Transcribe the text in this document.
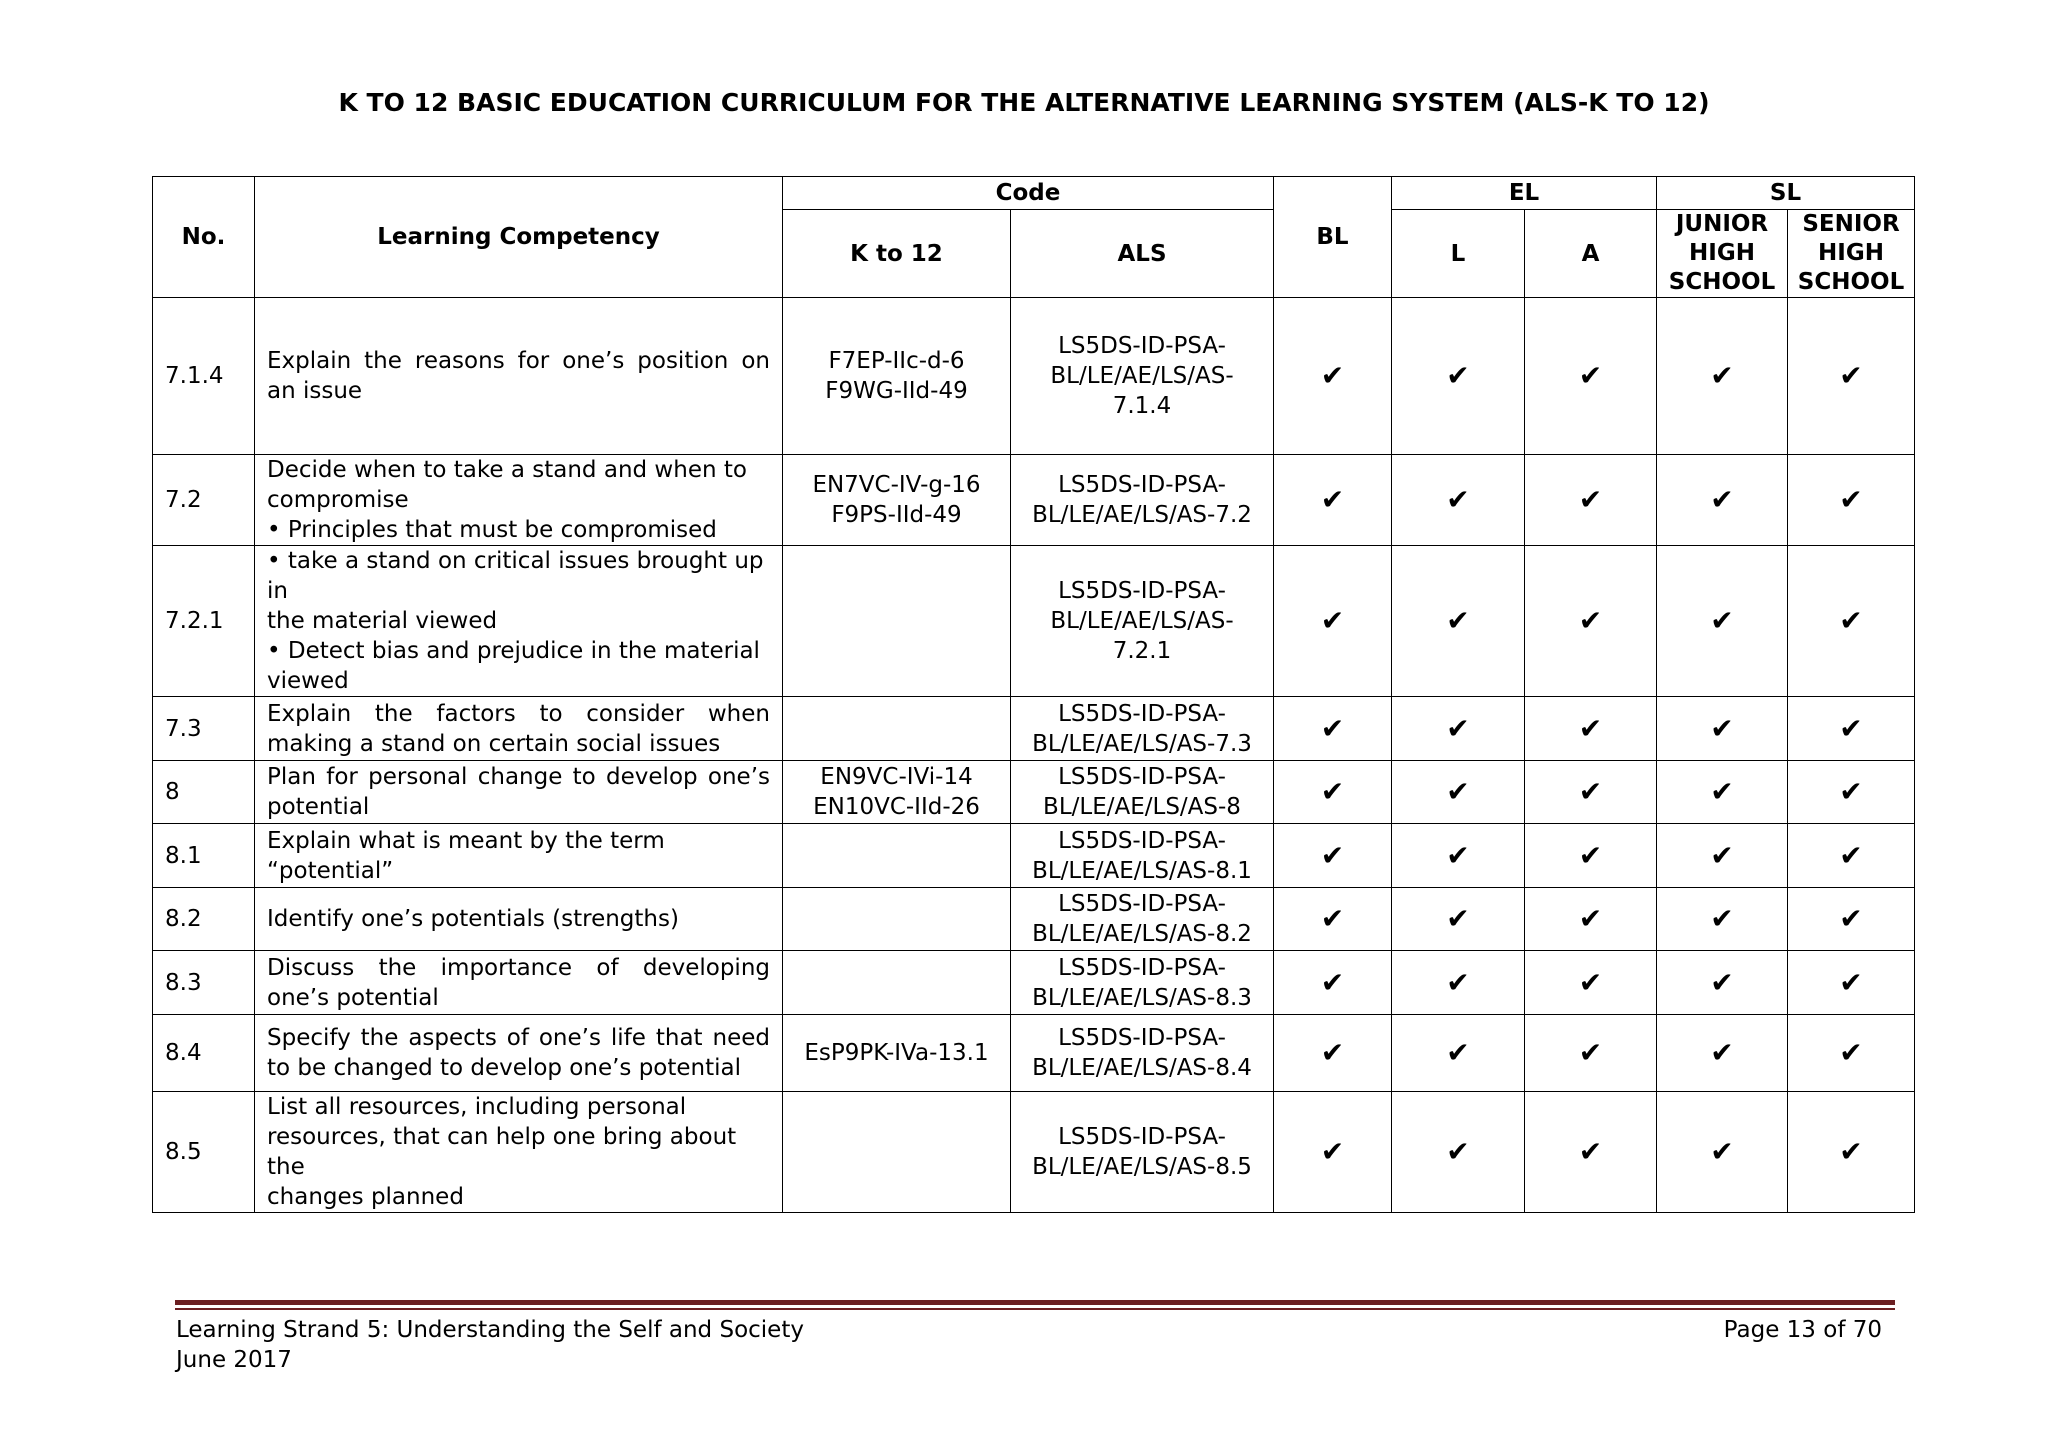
K TO 12 BASIC EDUCATION CURRICULUM FOR THE ALTERNATIVE LEARNING SYSTEM (ALS-K TO 12)
No.	Learning Competency	Code		BL	EL		SL	
		K to 12	ALS		L	A	JUNIOR
HIGH
SCHOOL	SENIOR
HIGH
SCHOOL

7.1.4	Explain the reasons for one’s position on an issue	F7EP-IIc-d-6
F9WG-IId-49	LS5DS-ID-PSA-
BL/LE/AE/LS/AS-
7.1.4	✔	✔	✔	✔	✔
7.2	Decide when to take a stand and when to
compromise
• Principles that must be compromised	EN7VC-IV-g-16
F9PS-IId-49	LS5DS-ID-PSA-
BL/LE/AE/LS/AS-7.2	✔	✔	✔	✔	✔
7.2.1	• take a stand on critical issues brought up in
the material viewed
• Detect bias and prejudice in the material
viewed		LS5DS-ID-PSA-
BL/LE/AE/LS/AS-
7.2.1	✔	✔	✔	✔	✔
7.3	Explain the factors to consider when making a stand on certain social issues		LS5DS-ID-PSA-
BL/LE/AE/LS/AS-7.3	✔	✔	✔	✔	✔
8	Plan for personal change to develop one’s potential	EN9VC-IVi-14
EN10VC-IId-26	LS5DS-ID-PSA-
BL/LE/AE/LS/AS-8	✔	✔	✔	✔	✔
8.1	Explain what is meant by the term “potential”		LS5DS-ID-PSA-
BL/LE/AE/LS/AS-8.1	✔	✔	✔	✔	✔
8.2	Identify one’s potentials (strengths)		LS5DS-ID-PSA-
BL/LE/AE/LS/AS-8.2	✔	✔	✔	✔	✔
8.3	Discuss the importance of developing one’s potential		LS5DS-ID-PSA-
BL/LE/AE/LS/AS-8.3	✔	✔	✔	✔	✔
8.4	Specify the aspects of one’s life that need to be changed to develop one’s potential	EsP9PK-IVa-13.1	LS5DS-ID-PSA-
BL/LE/AE/LS/AS-8.4	✔	✔	✔	✔	✔
8.5	List all resources, including personal
resources, that can help one bring about the
changes planned		LS5DS-ID-PSA-
BL/LE/AE/LS/AS-8.5	✔	✔	✔	✔	✔
Learning Strand 5: Understanding the Self and Society
June 2017
Page 13 of 70
